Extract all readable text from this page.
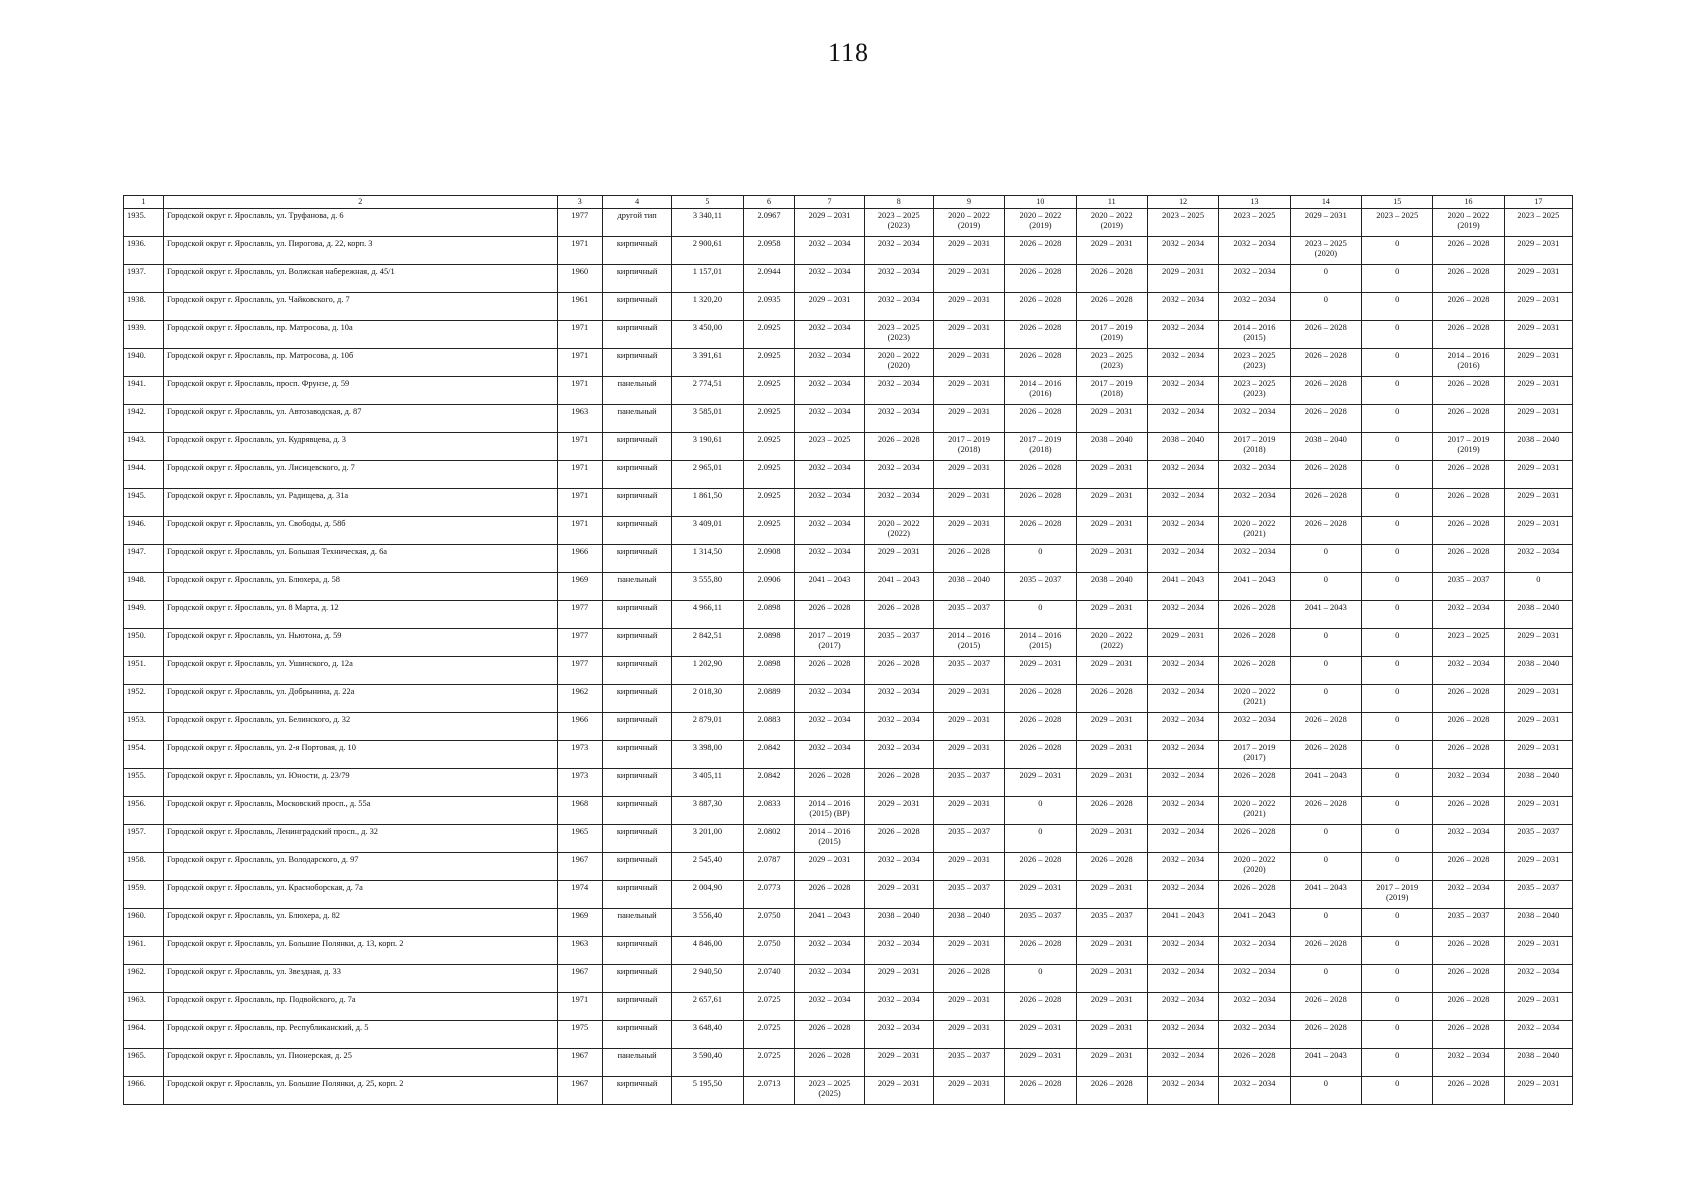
118
1	2	3	4	5	6	7	8	9	10	11	12	13	14	15	16	17
1935.	Городской округ г. Ярославль, ул. Труфанова, д. 6	1977	другой тип	3 340,11	2.0967	2029 – 2031	2023 – 2025
(2023)	2020 – 2022
(2019)	2020 – 2022
(2019)	2020 – 2022
(2019)	2023 – 2025	2023 – 2025	2029 – 2031	2023 – 2025	2020 – 2022
(2019)	2023 – 2025
1936.	Городской округ г. Ярославль, ул. Пирогова, д. 22, корп. 3	1971	кирпичный	2 900,61	2.0958	2032 – 2034	2032 – 2034	2029 – 2031	2026 – 2028	2029 – 2031	2032 – 2034	2032 – 2034	2023 – 2025
(2020)	0	2026 – 2028	2029 – 2031
1937.	Городской округ г. Ярославль, ул. Волжская набережная, д. 45/1	1960	кирпичный	1 157,01	2.0944	2032 – 2034	2032 – 2034	2029 – 2031	2026 – 2028	2026 – 2028	2029 – 2031	2032 – 2034	0	0	2026 – 2028	2029 – 2031
1938.	Городской округ г. Ярославль, ул. Чайковского, д. 7	1961	кирпичный	1 320,20	2.0935	2029 – 2031	2032 – 2034	2029 – 2031	2026 – 2028	2026 – 2028	2032 – 2034	2032 – 2034	0	0	2026 – 2028	2029 – 2031
1939.	Городской округ г. Ярославль, пр. Матросова, д. 10а	1971	кирпичный	3 450,00	2.0925	2032 – 2034	2023 – 2025
(2023)	2029 – 2031	2026 – 2028	2017 – 2019
(2019)	2032 – 2034	2014 – 2016
(2015)	2026 – 2028	0	2026 – 2028	2029 – 2031
1940.	Городской округ г. Ярославль, пр. Матросова, д. 10б	1971	кирпичный	3 391,61	2.0925	2032 – 2034	2020 – 2022
(2020)	2029 – 2031	2026 – 2028	2023 – 2025
(2023)	2032 – 2034	2023 – 2025
(2023)	2026 – 2028	0	2014 – 2016
(2016)	2029 – 2031
1941.	Городской округ г. Ярославль, просп. Фрунзе, д. 59	1971	панельный	2 774,51	2.0925	2032 – 2034	2032 – 2034	2029 – 2031	2014 – 2016
(2016)	2017 – 2019
(2018)	2032 – 2034	2023 – 2025
(2023)	2026 – 2028	0	2026 – 2028	2029 – 2031
1942.	Городской округ г. Ярославль, ул. Автозаводская, д. 87	1963	панельный	3 585,01	2.0925	2032 – 2034	2032 – 2034	2029 – 2031	2026 – 2028	2029 – 2031	2032 – 2034	2032 – 2034	2026 – 2028	0	2026 – 2028	2029 – 2031
1943.	Городской округ г. Ярославль, ул. Кудрявцева, д. 3	1971	кирпичный	3 190,61	2.0925	2023 – 2025	2026 – 2028	2017 – 2019
(2018)	2017 – 2019
(2018)	2038 – 2040	2038 – 2040	2017 – 2019
(2018)	2038 – 2040	0	2017 – 2019
(2019)	2038 – 2040
1944.	Городской округ г. Ярославль, ул. Лисицевского, д. 7	1971	кирпичный	2 965,01	2.0925	2032 – 2034	2032 – 2034	2029 – 2031	2026 – 2028	2029 – 2031	2032 – 2034	2032 – 2034	2026 – 2028	0	2026 – 2028	2029 – 2031
1945.	Городской округ г. Ярославль, ул. Радищева, д. 31а	1971	кирпичный	1 861,50	2.0925	2032 – 2034	2032 – 2034	2029 – 2031	2026 – 2028	2029 – 2031	2032 – 2034	2032 – 2034	2026 – 2028	0	2026 – 2028	2029 – 2031
1946.	Городской округ г. Ярославль, ул. Свободы, д. 58б	1971	кирпичный	3 409,01	2.0925	2032 – 2034	2020 – 2022
(2022)	2029 – 2031	2026 – 2028	2029 – 2031	2032 – 2034	2020 – 2022
(2021)	2026 – 2028	0	2026 – 2028	2029 – 2031
1947.	Городской округ г. Ярославль, ул. Большая Техническая, д. 6а	1966	кирпичный	1 314,50	2.0908	2032 – 2034	2029 – 2031	2026 – 2028	0	2029 – 2031	2032 – 2034	2032 – 2034	0	0	2026 – 2028	2032 – 2034
1948.	Городской округ г. Ярославль, ул. Блюхера, д. 58	1969	панельный	3 555,80	2.0906	2041 – 2043	2041 – 2043	2038 – 2040	2035 – 2037	2038 – 2040	2041 – 2043	2041 – 2043	0	0	2035 – 2037	0
1949.	Городской округ г. Ярославль, ул. 8 Марта, д. 12	1977	кирпичный	4 966,11	2.0898	2026 – 2028	2026 – 2028	2035 – 2037	0	2029 – 2031	2032 – 2034	2026 – 2028	2041 – 2043	0	2032 – 2034	2038 – 2040
1950.	Городской округ г. Ярославль, ул. Ньютона, д. 59	1977	кирпичный	2 842,51	2.0898	2017 – 2019
(2017)	2035 – 2037	2014 – 2016
(2015)	2014 – 2016
(2015)	2020 – 2022
(2022)	2029 – 2031	2026 – 2028	0	0	2023 – 2025	2029 – 2031
1951.	Городской округ г. Ярославль, ул. Ушинского, д. 12а	1977	кирпичный	1 202,90	2.0898	2026 – 2028	2026 – 2028	2035 – 2037	2029 – 2031	2029 – 2031	2032 – 2034	2026 – 2028	0	0	2032 – 2034	2038 – 2040
1952.	Городской округ г. Ярославль, ул. Добрынина, д. 22а	1962	кирпичный	2 018,30	2.0889	2032 – 2034	2032 – 2034	2029 – 2031	2026 – 2028	2026 – 2028	2032 – 2034	2020 – 2022
(2021)	0	0	2026 – 2028	2029 – 2031
1953.	Городской округ г. Ярославль, ул. Белинского, д. 32	1966	кирпичный	2 879,01	2.0883	2032 – 2034	2032 – 2034	2029 – 2031	2026 – 2028	2029 – 2031	2032 – 2034	2032 – 2034	2026 – 2028	0	2026 – 2028	2029 – 2031
1954.	Городской округ г. Ярославль, ул. 2-я Портовая, д. 10	1973	кирпичный	3 398,00	2.0842	2032 – 2034	2032 – 2034	2029 – 2031	2026 – 2028	2029 – 2031	2032 – 2034	2017 – 2019
(2017)	2026 – 2028	0	2026 – 2028	2029 – 2031
1955.	Городской округ г. Ярославль, ул. Юности, д. 23/79	1973	кирпичный	3 405,11	2.0842	2026 – 2028	2026 – 2028	2035 – 2037	2029 – 2031	2029 – 2031	2032 – 2034	2026 – 2028	2041 – 2043	0	2032 – 2034	2038 – 2040
1956.	Городской округ г. Ярославль, Московский просп., д. 55а	1968	кирпичный	3 887,30	2.0833	2014 – 2016
(2015) (ВР)	2029 – 2031	2029 – 2031	0	2026 – 2028	2032 – 2034	2020 – 2022
(2021)	2026 – 2028	0	2026 – 2028	2029 – 2031
1957.	Городской округ г. Ярославль, Ленинградский просп., д. 32	1965	кирпичный	3 201,00	2.0802	2014 – 2016
(2015)	2026 – 2028	2035 – 2037	0	2029 – 2031	2032 – 2034	2026 – 2028	0	0	2032 – 2034	2035 – 2037
1958.	Городской округ г. Ярославль, ул. Володарского, д. 97	1967	кирпичный	2 545,40	2.0787	2029 – 2031	2032 – 2034	2029 – 2031	2026 – 2028	2026 – 2028	2032 – 2034	2020 – 2022
(2020)	0	0	2026 – 2028	2029 – 2031
1959.	Городской округ г. Ярославль, ул. Красноборская, д. 7а	1974	кирпичный	2 004,90	2.0773	2026 – 2028	2029 – 2031	2035 – 2037	2029 – 2031	2029 – 2031	2032 – 2034	2026 – 2028	2041 – 2043	2017 – 2019
(2019)	2032 – 2034	2035 – 2037
1960.	Городской округ г. Ярославль, ул. Блюхера, д. 82	1969	панельный	3 556,40	2.0750	2041 – 2043	2038 – 2040	2038 – 2040	2035 – 2037	2035 – 2037	2041 – 2043	2041 – 2043	0	0	2035 – 2037	2038 – 2040
1961.	Городской округ г. Ярославль, ул. Большие Полянки, д. 13, корп. 2	1963	кирпичный	4 846,00	2.0750	2032 – 2034	2032 – 2034	2029 – 2031	2026 – 2028	2029 – 2031	2032 – 2034	2032 – 2034	2026 – 2028	0	2026 – 2028	2029 – 2031
1962.	Городской округ г. Ярославль, ул. Звездная, д. 33	1967	кирпичный	2 940,50	2.0740	2032 – 2034	2029 – 2031	2026 – 2028	0	2029 – 2031	2032 – 2034	2032 – 2034	0	0	2026 – 2028	2032 – 2034
1963.	Городской округ г. Ярославль, пр. Подвойского, д. 7а	1971	кирпичный	2 657,61	2.0725	2032 – 2034	2032 – 2034	2029 – 2031	2026 – 2028	2029 – 2031	2032 – 2034	2032 – 2034	2026 – 2028	0	2026 – 2028	2029 – 2031
1964.	Городской округ г. Ярославль, пр. Республиканский, д. 5	1975	кирпичный	3 648,40	2.0725	2026 – 2028	2032 – 2034	2029 – 2031	2029 – 2031	2029 – 2031	2032 – 2034	2032 – 2034	2026 – 2028	0	2026 – 2028	2032 – 2034
1965.	Городской округ г. Ярославль, ул. Пионерская, д. 25	1967	панельный	3 590,40	2.0725	2026 – 2028	2029 – 2031	2035 – 2037	2029 – 2031	2029 – 2031	2032 – 2034	2026 – 2028	2041 – 2043	0	2032 – 2034	2038 – 2040
1966.	Городской округ г. Ярославль, ул. Большие Полянки, д. 25, корп. 2	1967	кирпичный	5 195,50	2.0713	2023 – 2025
(2025)	2029 – 2031	2029 – 2031	2026 – 2028	2026 – 2028	2032 – 2034	2032 – 2034	0	0	2026 – 2028	2029 – 2031
